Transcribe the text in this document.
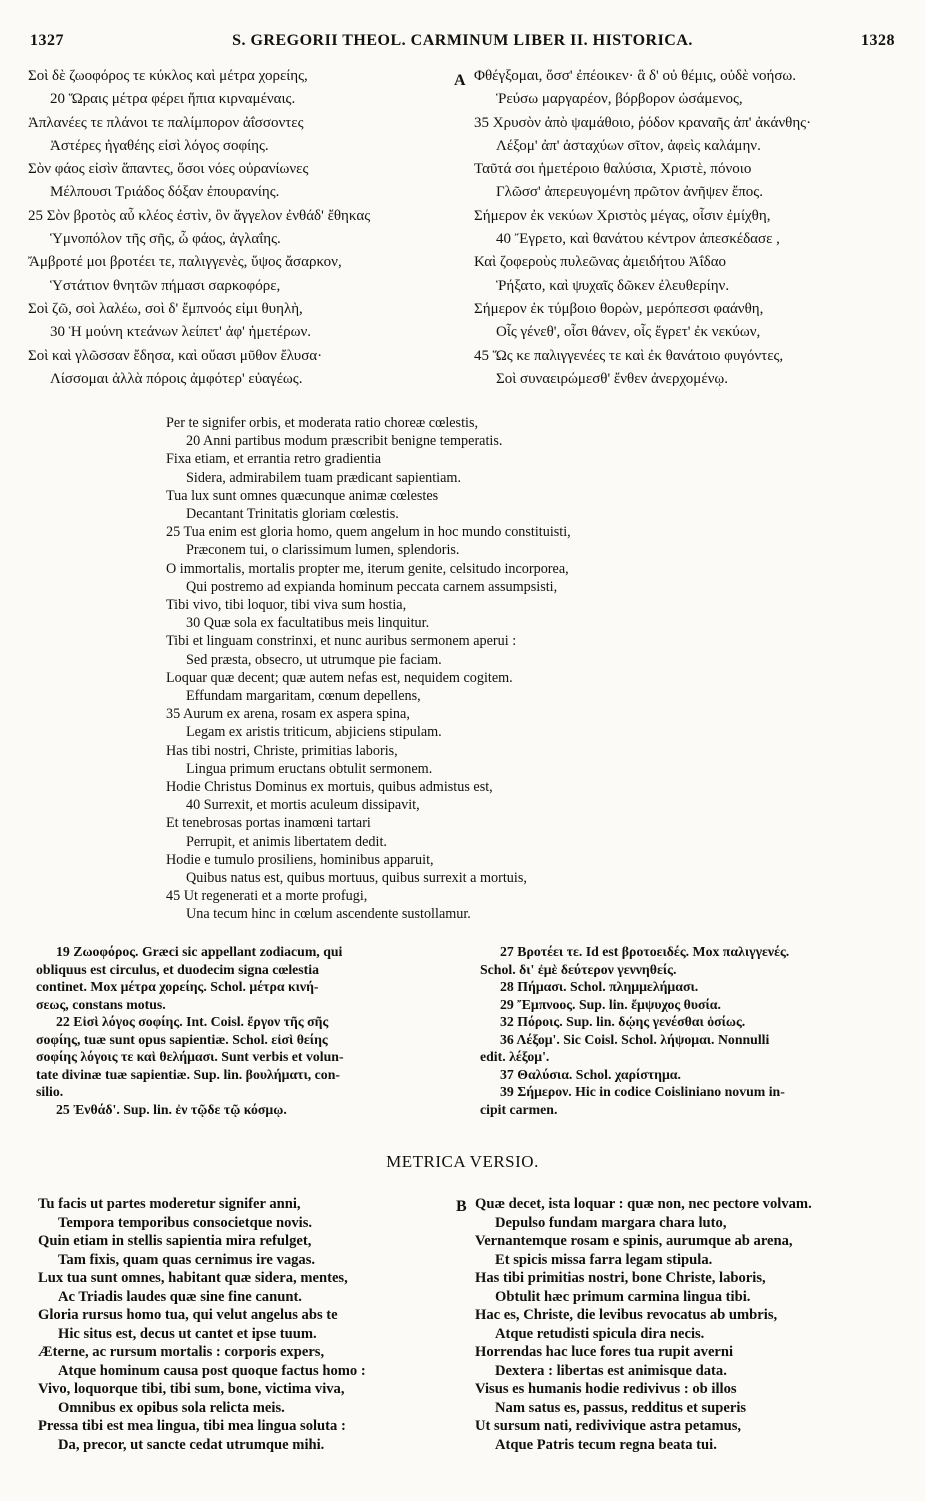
1327	S. GREGORII THEOL. CARMINUM LIBER II. HISTORICA.	1328
A
Σοὶ δὲ ζωοφόρος τε κύκλος καὶ μέτρα χορείης,
20 Ὥραις μέτρα φέρει ἤπια κιρναμέναις.
Ἀπλανέες τε πλάνοι τε παλίμπορον ἀΐσσοντες
Ἀστέρες ἠγαθέης εἰσὶ λόγος σοφίης.
Σὸν φάος εἰσὶν ἅπαντες, ὅσοι νόες οὐρανίωνες
Μέλπουσι Τριάδος δόξαν ἐπουρανίης.
25 Σὸν βροτὸς αὖ κλέος ἐστὶν, ὃν ἄγγελον ἐνθάδ' ἔθηκας
Ὑμνοπόλον τῆς σῆς, ὦ φάος, ἀγλαΐης.
Ἄμβροτέ μοι βροτέει τε, παλιγγενὲς, ὕψος ἄσαρκον,
Ὑστάτιον θνητῶν πήμασι σαρκοφόρε,
Σοὶ ζῶ, σοὶ λαλέω, σοὶ δ' ἔμπνοός εἰμι θυηλὴ,
30 Ἡ μούνη κτεάνων λείπετ' ἀφ' ἡμετέρων.
Σοὶ καὶ γλῶσσαν ἔδησα, καὶ οὔασι μῦθον ἔλυσα·
Λίσσομαι ἀλλὰ πόροις ἀμφότερ' εὐαγέως.
Φθέγξομαι, ὅσσ' ἐπέοικεν· ἃ δ' οὐ θέμις, οὐδὲ νοήσω.
Ῥεύσω μαργαρέον, βόρβορον ὠσάμενος,
35 Χρυσὸν ἀπὸ ψαμάθοιο, ῥόδον κραναῆς ἀπ' ἀκάνθης·
Λέξομ' ἀπ' ἀσταχύων σῖτον, ἀφεὶς καλάμην.
Ταῦτά σοι ἡμετέροιο θαλύσια, Χριστὲ, πόνοιο
Γλῶσσ' ἀπερευγομένη πρῶτον ἀνῆψεν ἔπος.
Σήμερον ἐκ νεκύων Χριστὸς μέγας, οἷσιν ἐμίχθη,
40 Ἔγρετο, καὶ θανάτου κέντρον ἀπεσκέδασε ,
Καὶ ζοφεροὺς πυλεῶνας ἀμειδήτου Ἀΐδαο
Ῥήξατο, καὶ ψυχαῖς δῶκεν ἐλευθερίην.
Σήμερον ἐκ τύμβοιο θορὼν, μερόπεσσι φαάνθη,
Οἷς γένεθ', οἷσι θάνεν, οἷς ἔγρετ' ἐκ νεκύων,
45 Ὥς κε παλιγγενέες τε καὶ ἐκ θανάτοιο φυγόντες,
Σοὶ συναειρώμεσθ' ἔνθεν ἀνερχομένῳ.
Per te signifer orbis, et moderata ratio choreæ cœlestis,
20 Anni partibus modum præscribit benigne temperatis.
Fixa etiam, et errantia retro gradientia
Sidera, admirabilem tuam prædicant sapientiam.
Tua lux sunt omnes quæcunque animæ cœlestes
Decantant Trinitatis gloriam cœlestis.
25 Tua enim est gloria homo, quem angelum in hoc mundo constituisti,
Præconem tui, o clarissimum lumen, splendoris.
O immortalis, mortalis propter me, iterum genite, celsitudo incorporea,
Qui postremo ad expianda hominum peccata carnem assumpsisti,
Tibi vivo, tibi loquor, tibi viva sum hostia,
30 Quæ sola ex facultatibus meis linquitur.
Tibi et linguam constrinxi, et nunc auribus sermonem aperui :
Sed præsta, obsecro, ut utrumque pie faciam.
Loquar quæ decent; quæ autem nefas est, nequidem cogitem.
Effundam margaritam, cœnum depellens,
35 Aurum ex arena, rosam ex aspera spina,
Legam ex aristis triticum, abjiciens stipulam.
Has tibi nostri, Christe, primitias laboris,
Lingua primum eructans obtulit sermonem.
Hodie Christus Dominus ex mortuis, quibus admistus est,
40 Surrexit, et mortis aculeum dissipavit,
Et tenebrosas portas inamœni tartari
Perrupit, et animis libertatem dedit.
Hodie e tumulo prosiliens, hominibus apparuit,
Quibus natus est, quibus mortuus, quibus surrexit a mortuis,
45 Ut regenerati et a morte profugi,
Una tecum hinc in cœlum ascendente sustollamur.
19 Ζωοφόρος. Græci sic appellant zodiacum, qui
obliquus est circulus, et duodecim signa cœlestia
continet. Mox μέτρα χορείης. Schol. μέτρα κινή-
σεως, constans motus.
22 Εἰσὶ λόγος σοφίης. Int. Coisl. ἔργον τῆς σῆς
σοφίης, tuæ sunt opus sapientiæ. Schol. εἰσὶ θείης
σοφίης λόγοις τε καὶ θελήμασι. Sunt verbis et volun-
tate divinæ tuæ sapientiæ. Sup. lin. βουλήματι, con-
silio.
25 Ἐνθάδ'. Sup. lin. ἐν τῷδε τῷ κόσμῳ.
27 Βροτέει τε. Id est βροτοειδές. Mox παλιγγενές.
Schol. δι' ἐμὲ δεύτερον γεννηθείς.
28 Πήμασι. Schol. πλημμελήμασι.
29 Ἔμπνοος. Sup. lin. ἔμψυχος θυσία.
32 Πόροις. Sup. lin. δῴης γενέσθαι ὁσίως.
36 Λέξομ'. Sic Coisl. Schol. λήψομαι. Nonnulli
edit. λέξομ'.
37 Θαλύσια. Schol. χαρίστημα.
39 Σήμερον. Hic in codice Coisliniano novum in-
cipit carmen.
METRICA VERSIO.
B
Tu facis ut partes moderetur signifer anni,
Tempora temporibus consocietque novis.
Quin etiam in stellis sapientia mira refulget,
Tam fixis, quam quas cernimus ire vagas.
Lux tua sunt omnes, habitant quæ sidera, mentes,
Ac Triadis laudes quæ sine fine canunt.
Gloria rursus homo tua, qui velut angelus abs te
Hic situs est, decus ut cantet et ipse tuum.
Æterne, ac rursum mortalis : corporis expers,
Atque hominum causa post quoque factus homo :
Vivo, loquorque tibi, tibi sum, bone, victima viva,
Omnibus ex opibus sola relicta meis.
Pressa tibi est mea lingua, tibi mea lingua soluta :
Da, precor, ut sancte cedat utrumque mihi.
Quæ decet, ista loquar : quæ non, nec pectore volvam.
Depulso fundam margara chara luto,
Vernantemque rosam e spinis, aurumque ab arena,
Et spicis missa farra legam stipula.
Has tibi primitias nostri, bone Christe, laboris,
Obtulit hæc primum carmina lingua tibi.
Hac es, Christe, die levibus revocatus ab umbris,
Atque retudisti spicula dira necis.
Horrendas hac luce fores tua rupit averni
Dextera : libertas est animisque data.
Visus es humanis hodie redivivus : ob illos
Nam satus es, passus, redditus et superis
Ut sursum nati, redivivique astra petamus,
Atque Patris tecum regna beata tui.
